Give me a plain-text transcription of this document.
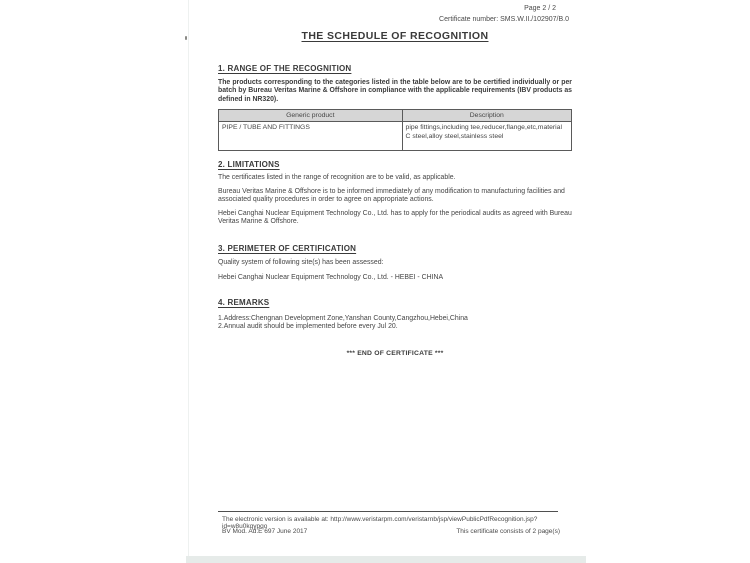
Page 2 / 2
Certificate number: SMS.W.II./102907/B.0
THE SCHEDULE OF RECOGNITION
1. RANGE OF THE RECOGNITION

The products corresponding to the categories listed in the table below are to be certified individually or per batch by Bureau Veritas Marine & Offshore in compliance with the applicable requirements (IBV products as defined in NR320).

Generic product	Description
PIPE / TUBE AND FITTINGS	pipe fittings,including tee,reducer,flange,etc,material C steel,alloy steel,stainless steel
2. LIMITATIONS

The certificates listed in the range of recognition are to be valid, as applicable.

Bureau Veritas Marine & Offshore is to be informed immediately of any modification to manufacturing facilities and associated quality procedures in order to agree on appropriate actions.

Hebei Canghai Nuclear Equipment Technology Co., Ltd. has to apply for the periodical audits as agreed with Bureau Veritas Marine & Offshore.

3. PERIMETER OF CERTIFICATION

Quality system of following site(s) has been assessed:

Hebei Canghai Nuclear Equipment Technology Co., Ltd. - HEBEI - CHINA

4. REMARKS

1.Address:Chengnan Development Zone,Yanshan County,Cangzhou,Hebei,China

2.Annual audit should be implemented before every Jul 20.

*** END OF CERTIFICATE ***
The electronic version is available at: http://www.veristarpm.com/veristarnb/jsp/viewPublicPdfRecognition.jsp?id=w8u0kqypqo
BV Mod. Ad.E 697 June 2017	This certificate consists of 2 page(s)
